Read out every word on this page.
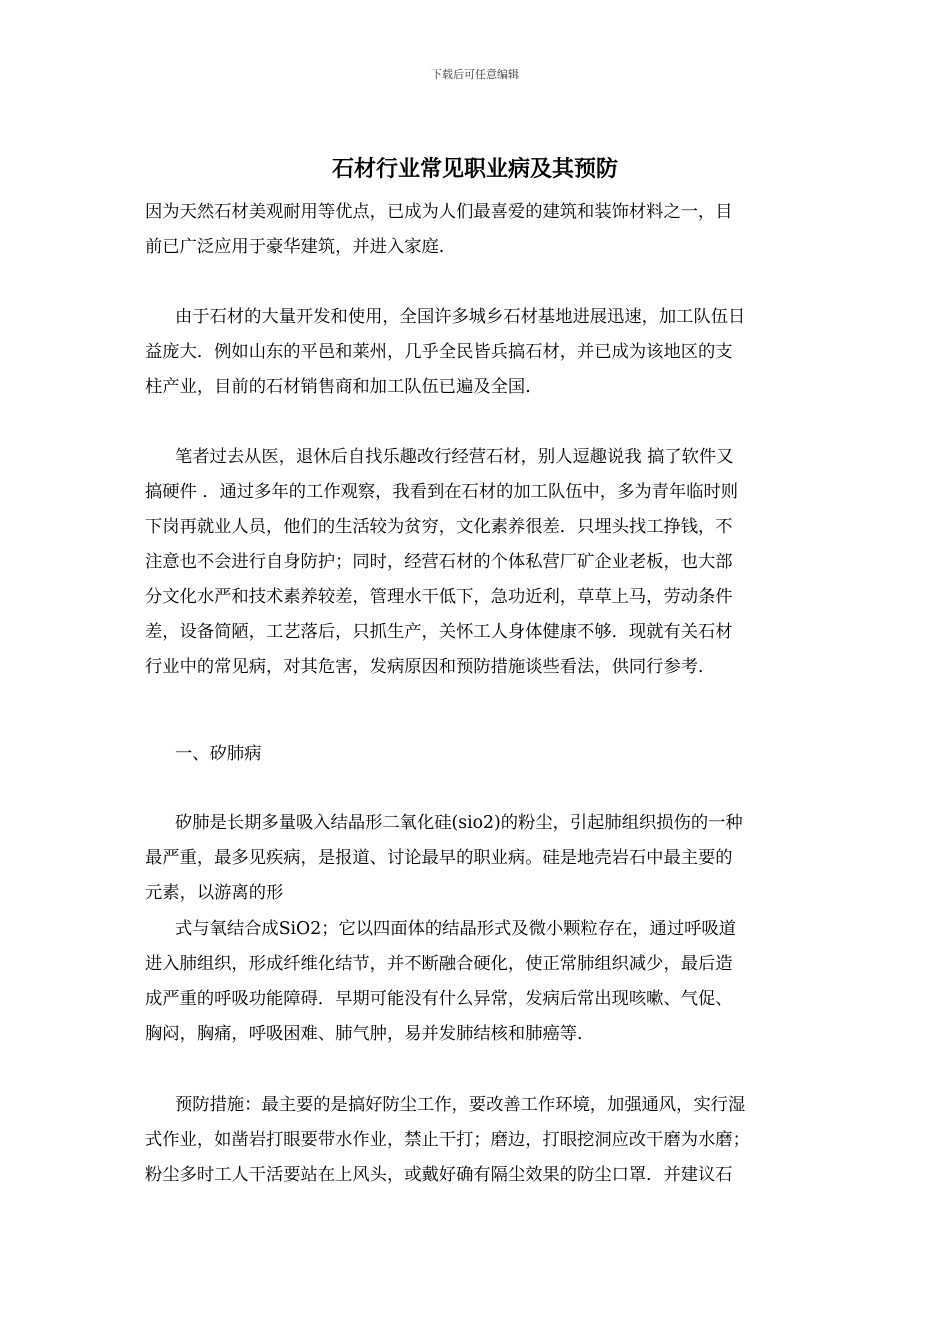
下载后可任意编辑
石材行业常见职业病及其预防
因为天然石材美观耐用等优点，已成为人们最喜爱的建筑和装饰材料之一，目
前已广泛应用于豪华建筑，并进入家庭.
由于石材的大量开发和使用，全国许多城乡石材基地进展迅速，加工队伍日
益庞大．例如山东的平邑和莱州，几乎全民皆兵搞石材，并已成为该地区的支
柱产业，目前的石材销售商和加工队伍已遍及全国.
笔者过去从医，退休后自找乐趣改行经营石材，别人逗趣说我 搞了软件又
搞硬件 ．通过多年的工作观察，我看到在石材的加工队伍中，多为青年临时则
下岗再就业人员，他们的生活较为贫穷，文化素养很差．只埋头找工挣钱，不
注意也不会进行自身防护；同时，经营石材的个体私营厂矿企业老板，也大部
分文化水严和技术素养较差，管理水干低下，急功近利，草草上马，劳动条件
差，设备简陋，工艺落后，只抓生产，关怀工人身体健康不够．现就有关石材
行业中的常见病，对其危害，发病原因和预防措施谈些看法，供同行参考.
一、矽肺病
矽肺是长期多量吸入结晶形二氧化硅(sio2)的粉尘，引起肺组织损伤的一种
最严重，最多见疾病，是报道、讨论最早的职业病。硅是地壳岩石中最主要的
元素，以游离的形
式与氧结合成SiO2；它以四面体的结晶形式及微小颗粒存在，通过呼吸道
进入肺组织，形成纤维化结节，并不断融合硬化，使正常肺组织减少，最后造
成严重的呼吸功能障碍．早期可能没有什么异常，发病后常出现咳嗽、气促、
胸闷，胸痛，呼吸困难、肺气肿，易并发肺结核和肺癌等.
预防措施：最主要的是搞好防尘工作，要改善工作环境，加强通风，实行湿
式作业，如凿岩打眼要带水作业，禁止干打；磨边，打眼挖洞应改干磨为水磨；
粉尘多时工人干活要站在上风头，或戴好确有隔尘效果的防尘口罩．并建议石
